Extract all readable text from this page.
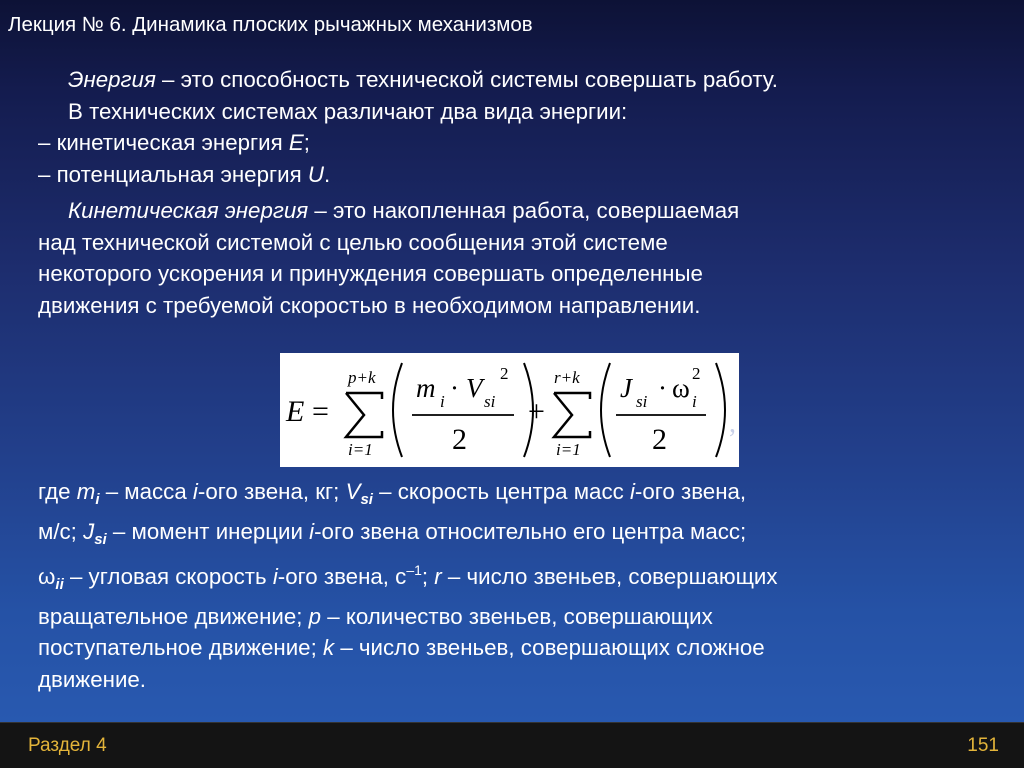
Лекция № 6. Динамика плоских рычажных механизмов

Энергия – это способность технической системы совершать работу.

В технических системах различают два вида энергии:

– кинетическая энергия E;

– потенциальная энергия U.

Кинетическая энергия – это накопленная работа, совершаемая

над технической системой с целью сообщения этой системе

некоторого ускорения и принуждения совершать определенные

движения с требуемой скоростью в необходимом направлении.

E =
p+k
i=1
m i · V si
2
2
+
r+k
i=1
J si · ω i
2
2 ,

где $m_i$ – масса i-ого звена, кг; $V_{si}$ – скорость центра масс i-ого звена,

м/с; $J_{si}$ – момент инерции i-ого звена относительно его центра масс;

$\omega_{ii}$ – угловая скорость i-ого звена, $с^{-1}$; r – число звеньев, совершающих

вращательное движение; p – количество звеньев, совершающих

поступательное движение; k – число звеньев, совершающих сложное

движение.

Раздел 4	151
